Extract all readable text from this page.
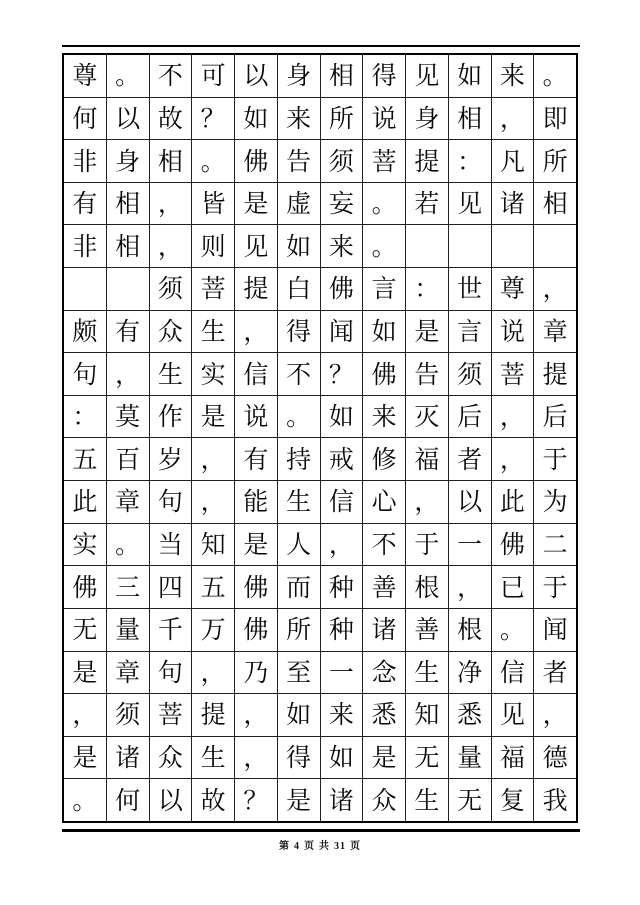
尊 。 不 可 以 身 相 得 见 如 来 。
何 以 故 ？ 如 来 所 说 身 相 ， 即
非 身 相 。 佛 告 须 菩 提 ： 凡 所
有 相 ， 皆 是 虚 妄 。 若 见 诸 相
非 相 ， 则 见 如 来 。
须 菩 提 白 佛 言 ： 世 尊 ，
颇 有 众 生 ， 得 闻 如 是 言 说 章
句 ， 生 实 信 不 ？ 佛 告 须 菩 提
： 莫 作 是 说 。 如 来 灭 后 ， 后
五 百 岁 ， 有 持 戒 修 福 者 ， 于
此 章 句 ， 能 生 信 心 ， 以 此 为
实 。 当 知 是 人 ， 不 于 一 佛 二
佛 三 四 五 佛 而 种 善 根 ， 已 于
无 量 千 万 佛 所 种 诸 善 根 。 闻
是 章 句 ， 乃 至 一 念 生 净 信 者
， 须 菩 提 ， 如 来 悉 知 悉 见 ，
是 诸 众 生 ， 得 如 是 无 量 福 德
。 何 以 故 ？ 是 诸 众 生 无 复 我
第 4 页 共 31 页
